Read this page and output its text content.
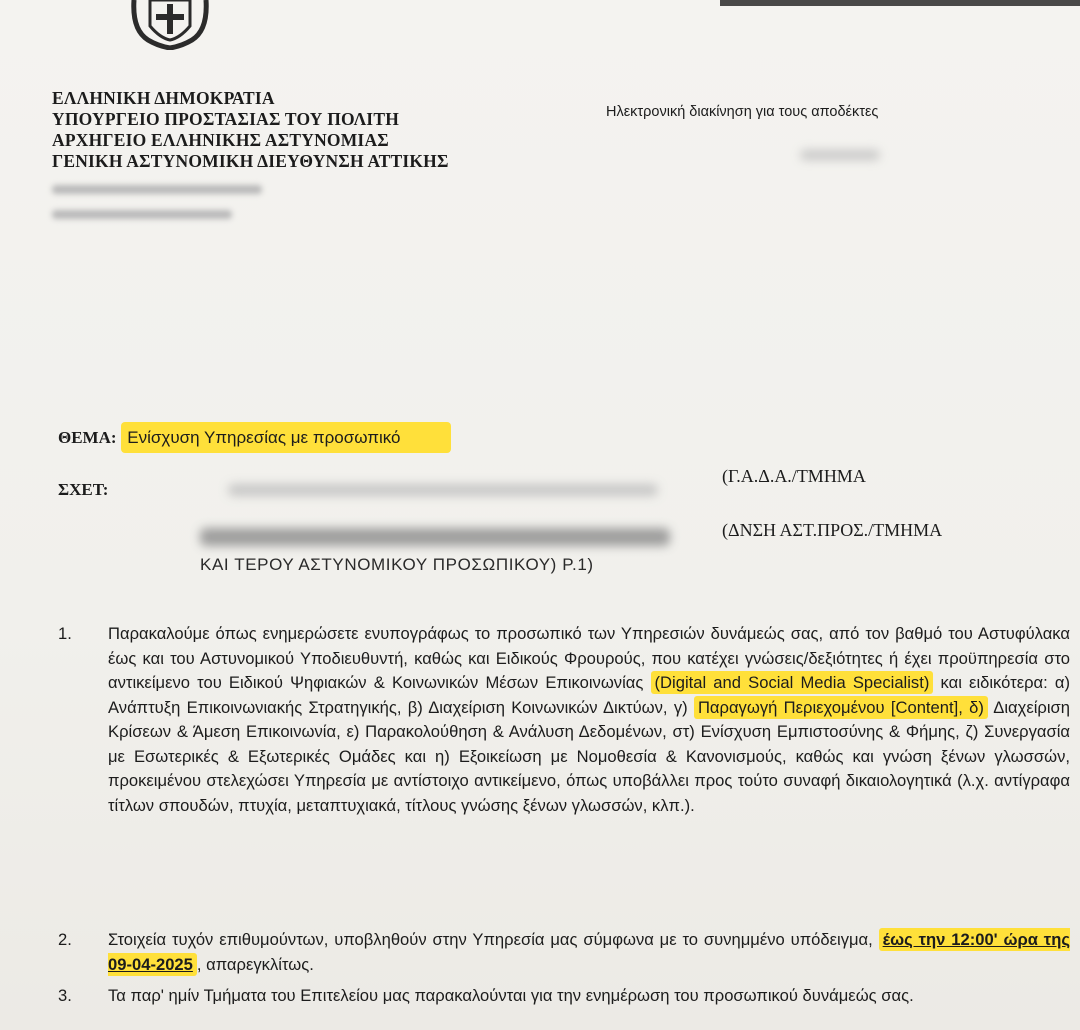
ΕΛΛΗΝΙΚΗ ΔΗΜΟΚΡΑΤΙΑ
ΥΠΟΥΡΓΕΙΟ ΠΡΟΣΤΑΣΙΑΣ ΤΟΥ ΠΟΛΙΤΗ
ΑΡΧΗΓΕΙΟ ΕΛΛΗΝΙΚΗΣ ΑΣΤΥΝΟΜΙΑΣ
ΓΕΝΙΚΗ ΑΣΤΥΝΟΜΙΚΗ ΔΙΕΥΘΥΝΣΗ ΑΤΤΙΚΗΣ
Ηλεκτρονική διακίνηση για τους αποδέκτες
ΘΕΜΑ: Ενίσχυση Υπηρεσίας με προσωπικό
ΣΧΕΤ:
(Γ.Α.Δ.Α./ΤΜΗΜΑ
(ΔΝΣΗ ΑΣΤ.ΠΡΟΣ./ΤΜΗΜΑ
ΚΑΙ ΤΕΡΟΥ ΑΣΤΥΝΟΜΙΚΟΥ ΠΡΟΣΩΠΙΚΟΥ) Ρ.1)
1.	Παρακαλούμε όπως ενημερώσετε ενυπογράφως το προσωπικό των Υπηρεσιών δυνάμεώς σας, από τον βαθμό του Αστυφύλακα έως και του Αστυνομικού Υποδιευθυντή, καθώς και Ειδικούς Φρουρούς, που κατέχει γνώσεις/δεξιότητες ή έχει προϋπηρεσία στο αντικείμενο του Ειδικού Ψηφιακών & Κοινωνικών Μέσων Επικοινωνίας (Digital and Social Media Specialist) και ειδικότερα: α) Ανάπτυξη Επικοινωνιακής Στρατηγικής, β) Διαχείριση Κοινωνικών Δικτύων, γ) Παραγωγή Περιεχομένου [Content], δ) Διαχείριση Κρίσεων & Άμεση Επικοινωνία, ε) Παρακολούθηση & Ανάλυση Δεδομένων, στ) Ενίσχυση Εμπιστοσύνης & Φήμης, ζ) Συνεργασία με Εσωτερικές & Εξωτερικές Ομάδες και η) Εξοικείωση με Νομοθεσία & Κανονισμούς, καθώς και γνώση ξένων γλωσσών, προκειμένου στελεχώσει Υπηρεσία με αντίστοιχο αντικείμενο, όπως υποβάλλει προς τούτο συναφή δικαιολογητικά (λ.χ. αντίγραφα τίτλων σπουδών, πτυχία, μεταπτυχιακά, τίτλους γνώσης ξένων γλωσσών, κλπ.).
2.	Στοιχεία τυχόν επιθυμούντων, υποβληθούν στην Υπηρεσία μας σύμφωνα με το συνημμένο υπόδειγμα, έως την 12:00' ώρα της 09-04-2025 , απαρεγκλίτως.
3.	Τα παρ' ημίν Τμήματα του Επιτελείου μας παρακαλούνται για την ενημέρωση του προσωπικού δυνάμεώς σας.
